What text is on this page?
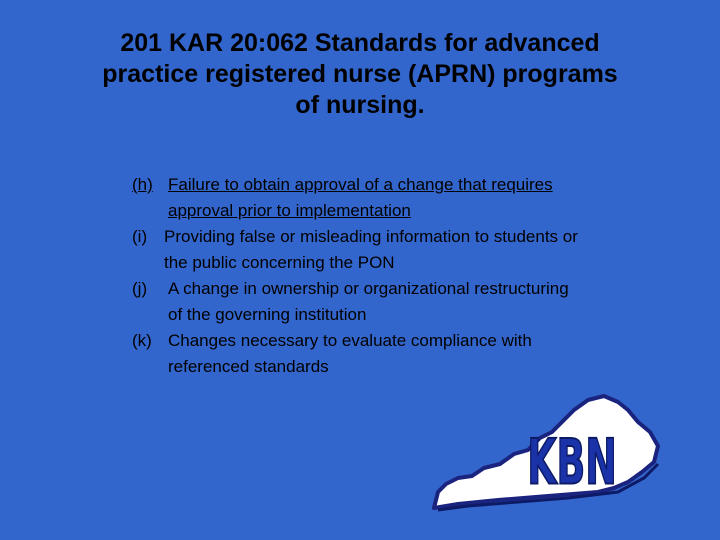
201 KAR 20:062 Standards for advanced
practice registered nurse (APRN) programs
of nursing.
(h) Failure to obtain approval of a change that requires
approval prior to implementation
(i) Providing false or misleading information to students or
the public concerning the PON
(j)	A change in ownership or organizational restructuring
of the governing institution
(k) Changes necessary to evaluate compliance with
referenced standards
KBN
